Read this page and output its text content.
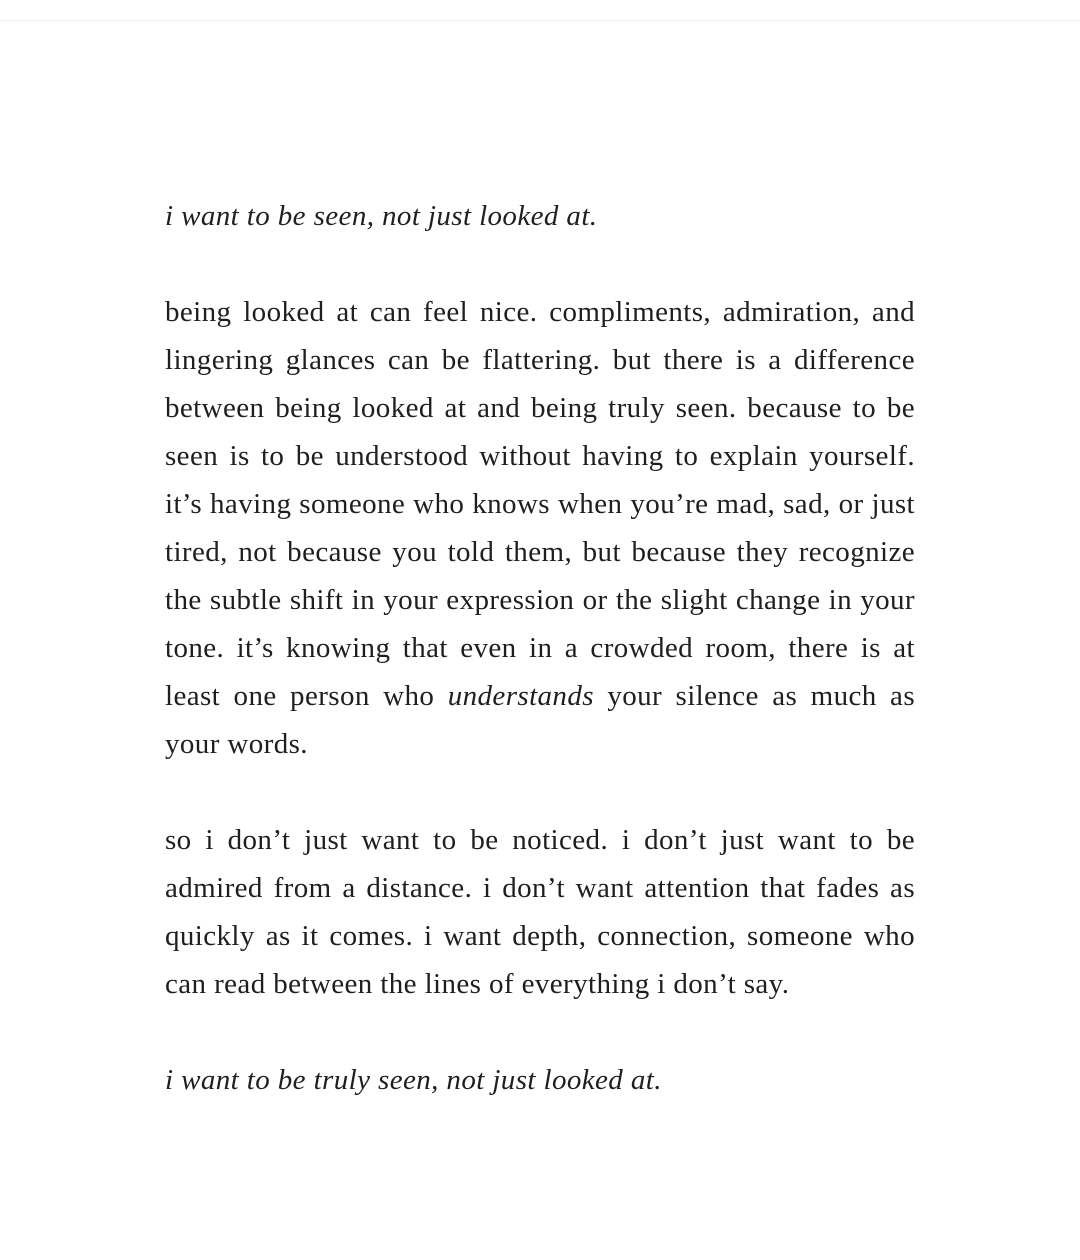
i want to be seen, not just looked at.

being looked at can feel nice. compliments, admiration, and lingering glances can be flattering. but there is a difference between being looked at and being truly seen. because to be seen is to be understood without having to explain yourself. it’s having someone who knows when you’re mad, sad, or just tired, not because you told them, but because they recognize the subtle shift in your expression or the slight change in your tone. it’s knowing that even in a crowded room, there is at least one person who understands your silence as much as your words.

so i don’t just want to be noticed. i don’t just want to be admired from a distance. i don’t want attention that fades as quickly as it comes. i want depth, connection, someone who can read between the lines of everything i don’t say.

i want to be truly seen, not just looked at.
